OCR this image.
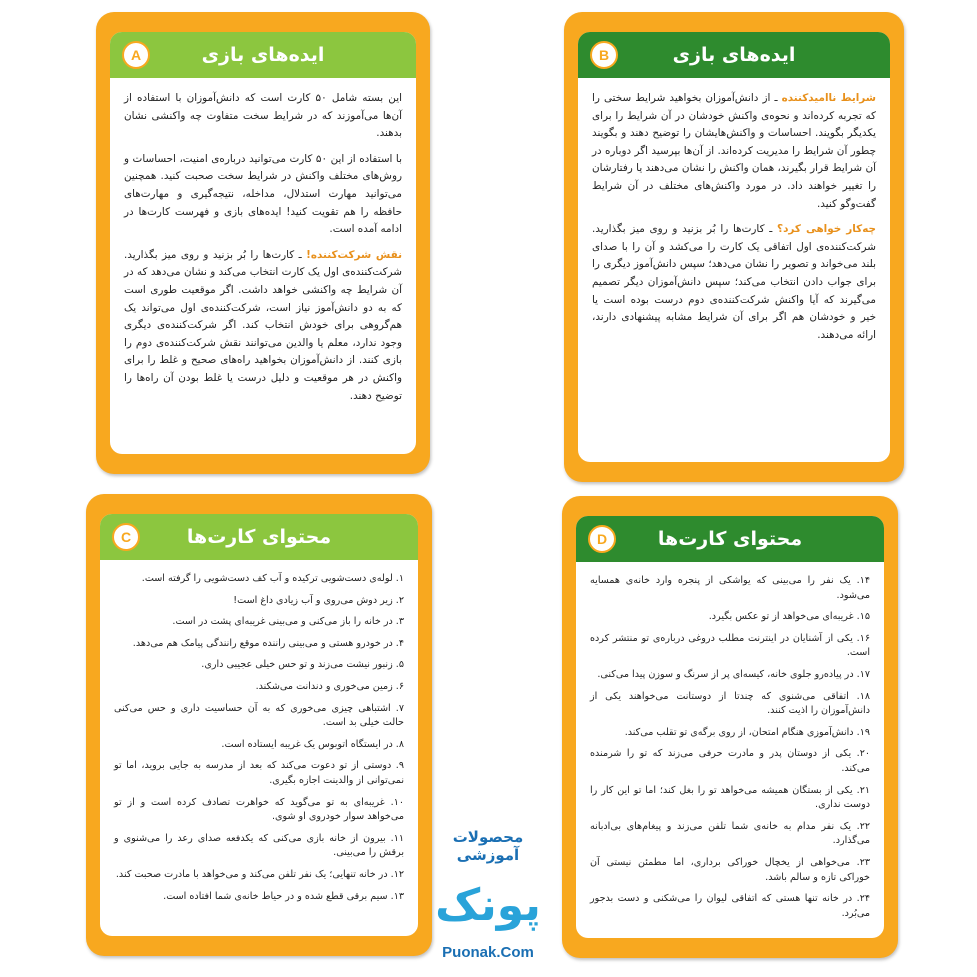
ایده‌های بازی
A

این بسته شامل ۵۰ کارت است که دانش‌آموزان با استفاده از آن‌ها می‌آموزند که در شرایط سخت متفاوت چه واکنشی نشان بدهند.

با استفاده از این ۵۰ کارت می‌توانید درباره‌ی امنیت، احساسات و روش‌های مختلف واکنش در شرایط سخت صحبت کنید. همچنین می‌توانید مهارت استدلال، مداخله، نتیجه‌گیری و مهارت‌های حافظه را هم تقویت کنید! ایده‌های بازی و فهرست کارت‌ها در ادامه آمده است.

نقش شرکت‌کننده! ـ کارت‌ها را بُر بزنید و روی میز بگذارید. شرکت‌کننده‌ی اول یک کارت انتخاب می‌کند و نشان می‌دهد که در آن شرایط چه واکنشی خواهد داشت. اگر موقعیت طوری است که به دو دانش‌آموز نیاز است، شرکت‌کننده‌ی اول می‌تواند یک هم‌گروهی برای خودش انتخاب کند. اگر شرکت‌کننده‌ی دیگری وجود ندارد، معلم یا والدین می‌توانند نقش شرکت‌کننده‌ی دوم را بازی کنند. از دانش‌آموزان بخواهید راه‌های صحیح و غلط را برای واکنش در هر موقعیت و دلیل درست یا غلط بودن آن راه‌ها را توضیح دهند.

ایده‌های بازی
B

شرایط ناامیدکننده ـ از دانش‌آموزان بخواهید شرایط سختی را که تجربه کرده‌اند و نحوه‌ی واکنش خودشان در آن شرایط را برای یکدیگر بگویند. احساسات و واکنش‌هایشان را توضیح دهند و بگویند چطور آن شرایط را مدیریت کرده‌اند. از آن‌ها بپرسید اگر دوباره در آن شرایط قرار بگیرند، همان واکنش را نشان می‌دهند یا رفتارشان را تغییر خواهند داد. در مورد واکنش‌های مختلف در آن شرایط گفت‌وگو کنید.

چه‌کار خواهی کرد؟ ـ کارت‌ها را بُر بزنید و روی میز بگذارید. شرکت‌کننده‌ی اول اتفاقی یک کارت را می‌کشد و آن را با صدای بلند می‌خواند و تصویر را نشان می‌دهد؛ سپس دانش‌آموز دیگری را برای جواب دادن انتخاب می‌کند؛ سپس دانش‌آموزان دیگر تصمیم می‌گیرند که آیا واکنش شرکت‌کننده‌ی دوم درست بوده است یا خیر و خودشان هم اگر برای آن شرایط مشابه پیشنهادی دارند، ارائه می‌دهند.

محتوای کارت‌ها
C
۱. لوله‌ی دست‌شویی ترکیده و آب کف دست‌شویی را گرفته است.
۲. زیر دوش می‌روی و آب زیادی داغ است!
۳. در خانه را باز می‌کنی و می‌بینی غریبه‌ای پشت در است.
۴. در خودرو هستی و می‌بینی راننده موقع رانندگی پیامک هم می‌دهد.
۵. زنبور نیشت می‌زند و تو حس خیلی عجیبی داری.
۶. زمین می‌خوری و دندانت می‌شکند.
۷. اشتباهی چیزی می‌خوری که به آن حساسیت داری و حس می‌کنی حالت خیلی بد است.
۸. در ایستگاه اتوبوس یک غریبه ایستاده است.
۹. دوستی از تو دعوت می‌کند که بعد از مدرسه به جایی بروید، اما تو نمی‌توانی از والدینت اجازه بگیری.
۱۰. غریبه‌ای به تو می‌گوید که خواهرت تصادف کرده است و از تو می‌خواهد سوار خودروی او شوی.
۱۱. بیرون از خانه بازی می‌کنی که یکدفعه صدای رعد را می‌شنوی و برقش را می‌بینی.
۱۲. در خانه تنهایی؛ یک نفر تلفن می‌کند و می‌خواهد با مادرت صحبت کند.
۱۳. سیم برقی قطع شده و در حیاط خانه‌ی شما افتاده است.
محتوای کارت‌ها
D
۱۴. یک نفر را می‌بینی که یواشکی از پنجره وارد خانه‌ی همسایه می‌شود.
۱۵. غریبه‌ای می‌خواهد از تو عکس بگیرد.
۱۶. یکی از آشنایان در اینترنت مطلب دروغی درباره‌ی تو منتشر کرده است.
۱۷. در پیاده‌رو جلوی خانه، کیسه‌ای پر از سرنگ و سوزن پیدا می‌کنی.
۱۸. اتفاقی می‌شنوی که چندتا از دوستانت می‌خواهند یکی از دانش‌آموزان را اذیت کنند.
۱۹. دانش‌آموزی هنگام امتحان، از روی برگه‌ی تو تقلب می‌کند.
۲۰. یکی از دوستان پدر و مادرت حرفی می‌زند که تو را شرمنده می‌کند.
۲۱. یکی از بستگان همیشه می‌خواهد تو را بغل کند؛ اما تو این کار را دوست نداری.
۲۲. یک نفر مدام به خانه‌ی شما تلفن می‌زند و پیغام‌های بی‌ادبانه می‌گذارد.
۲۳. می‌خواهی از یخچال خوراکی برداری، اما مطمئن نیستی آن خوراکی تازه و سالم باشد.
۲۴. در خانه تنها هستی که اتفاقی لیوان را می‌شکنی و دست بدجور می‌بُرد.
محصولات آموزشی
پونک
Puonak.Com
